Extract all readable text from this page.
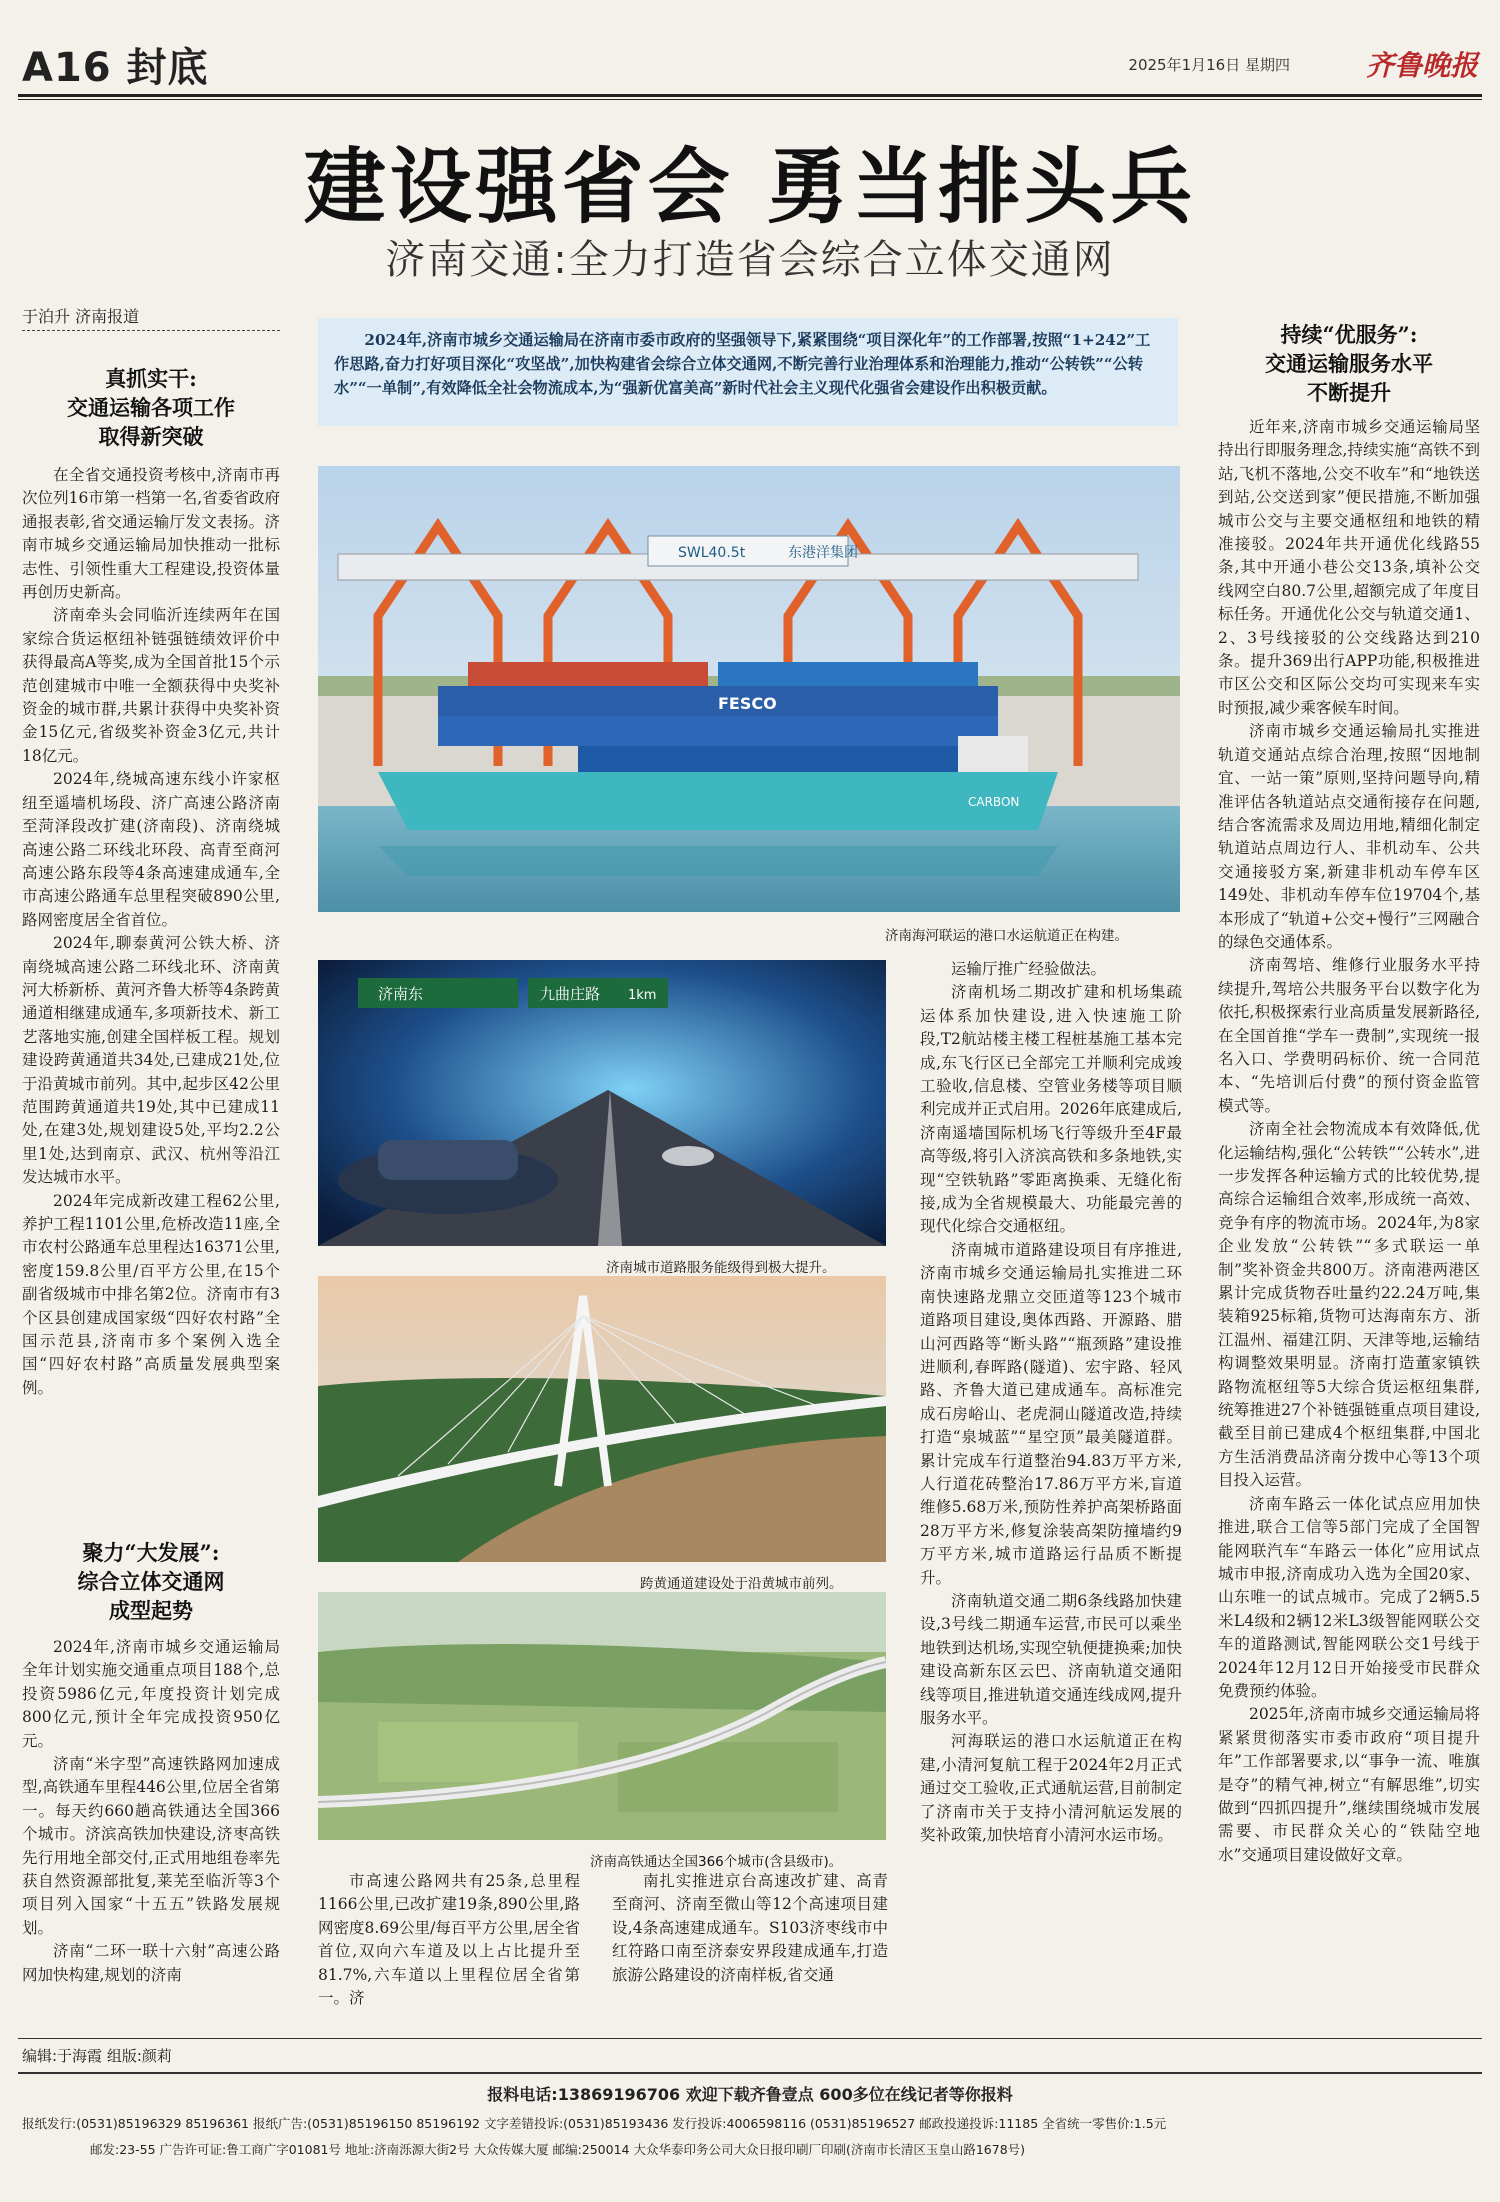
A16 封底	2025年1月16日 星期四	齐鲁晚报
建设强省会 勇当排头兵
济南交通:全力打造省会综合立体交通网
于泊升 济南报道
2024年,济南市城乡交通运输局在济南市委市政府的坚强领导下,紧紧围绕“项目深化年”的工作部署,按照“1+242”工作思路,奋力打好项目深化“攻坚战”,加快构建省会综合立体交通网,不断完善行业治理体系和治理能力,推动“公转铁”“公转水”“一单制”,有效降低全社会物流成本,为“强新优富美高”新时代社会主义现代化强省会建设作出积极贡献。
真抓实干:
交通运输各项工作
取得新突破

在全省交通投资考核中,济南市再次位列16市第一档第一名,省委省政府通报表彰,省交通运输厅发文表扬。济南市城乡交通运输局加快推动一批标志性、引领性重大工程建设,投资体量再创历史新高。

济南牵头会同临沂连续两年在国家综合货运枢纽补链强链绩效评价中获得最高A等奖,成为全国首批15个示范创建城市中唯一全额获得中央奖补资金的城市群,共累计获得中央奖补资金15亿元,省级奖补资金3亿元,共计18亿元。

2024年,绕城高速东线小许家枢纽至遥墙机场段、济广高速公路济南至菏泽段改扩建(济南段)、济南绕城高速公路二环线北环段、高青至商河高速公路东段等4条高速建成通车,全市高速公路通车总里程突破890公里,路网密度居全省首位。

2024年,聊泰黄河公铁大桥、济南绕城高速公路二环线北环、济南黄河大桥新桥、黄河齐鲁大桥等4条跨黄通道相继建成通车,多项新技术、新工艺落地实施,创建全国样板工程。规划建设跨黄通道共34处,已建成21处,位于沿黄城市前列。其中,起步区42公里范围跨黄通道共19处,其中已建成11处,在建3处,规划建设5处,平均2.2公里1处,达到南京、武汉、杭州等沿江发达城市水平。

2024年完成新改建工程62公里,养护工程1101公里,危桥改造11座,全市农村公路通车总里程达16371公里,密度159.8公里/百平方公里,在15个副省级城市中排名第2位。济南市有3个区县创建成国家级“四好农村路”全国示范县,济南市多个案例入选全国“四好农村路”高质量发展典型案例。

聚力“大发展”:
综合立体交通网
成型起势

2024年,济南市城乡交通运输局全年计划实施交通重点项目188个,总投资5986亿元,年度投资计划完成800亿元,预计全年完成投资950亿元。

济南“米字型”高速铁路网加速成型,高铁通车里程446公里,位居全省第一。每天约660趟高铁通达全国366个城市。济滨高铁加快建设,济枣高铁先行用地全部交付,正式用地组卷率先获自然资源部批复,莱芜至临沂等3个项目列入国家“十五五”铁路发展规划。

济南“二环一联十六射”高速公路网加快构建,规划的济南

市高速公路网共有25条,总里程1166公里,已改扩建19条,890公里,路网密度8.69公里/每百平方公里,居全省首位,双向六车道及以上占比提升至81.7%,六车道以上里程位居全省第一。济

南扎实推进京台高速改扩建、高青至商河、济南至微山等12个高速项目建设,4条高速建成通车。S103济枣线市中红符路口南至济泰安界段建成通车,打造旅游公路建设的济南样板,省交通

SWL40.5t	东港洋集团
FESCO
CARBON
济南海河联运的港口水运航道正在构建。
济南东	九曲庄路 1km
济南城市道路服务能级得到极大提升。
跨黄通道建设处于沿黄城市前列。
济南高铁通达全国366个城市(含县级市)。

运输厅推广经验做法。

济南机场二期改扩建和机场集疏运体系加快建设,进入快速施工阶段,T2航站楼主楼工程桩基施工基本完成,东飞行区已全部完工并顺利完成竣工验收,信息楼、空管业务楼等项目顺利完成并正式启用。2026年底建成后,济南遥墙国际机场飞行等级升至4F最高等级,将引入济滨高铁和多条地铁,实现“空铁轨路”零距离换乘、无缝化衔接,成为全省规模最大、功能最完善的现代化综合交通枢纽。

济南城市道路建设项目有序推进,济南市城乡交通运输局扎实推进二环南快速路龙鼎立交匝道等123个城市道路项目建设,奥体西路、开源路、腊山河西路等“断头路”“瓶颈路”建设推进顺利,春晖路(隧道)、宏宇路、轻风路、齐鲁大道已建成通车。高标准完成石房峪山、老虎洞山隧道改造,持续打造“泉城蓝”“星空顶”最美隧道群。累计完成车行道整治94.83万平方米,人行道花砖整治17.86万平方米,盲道维修5.68万米,预防性养护高架桥路面28万平方米,修复涂装高架防撞墙约9万平方米,城市道路运行品质不断提升。

济南轨道交通二期6条线路加快建设,3号线二期通车运营,市民可以乘坐地铁到达机场,实现空轨便捷换乘;加快建设高新东区云巴、济南轨道交通阳线等项目,推进轨道交通连线成网,提升服务水平。

河海联运的港口水运航道正在构建,小清河复航工程于2024年2月正式通过交工验收,正式通航运营,目前制定了济南市关于支持小清河航运发展的奖补政策,加快培育小清河水运市场。

持续“优服务”:
交通运输服务水平
不断提升

近年来,济南市城乡交通运输局坚持出行即服务理念,持续实施“高铁不到站,飞机不落地,公交不收车”和“地铁送到站,公交送到家”便民措施,不断加强城市公交与主要交通枢纽和地铁的精准接驳。2024年共开通优化线路55条,其中开通小巷公交13条,填补公交线网空白80.7公里,超额完成了年度目标任务。开通优化公交与轨道交通1、2、3号线接驳的公交线路达到210条。提升369出行APP功能,积极推进市区公交和区际公交均可实现来车实时预报,减少乘客候车时间。

济南市城乡交通运输局扎实推进轨道交通站点综合治理,按照“因地制宜、一站一策”原则,坚持问题导向,精准评估各轨道站点交通衔接存在问题,结合客流需求及周边用地,精细化制定轨道站点周边行人、非机动车、公共交通接驳方案,新建非机动车停车区149处、非机动车停车位19704个,基本形成了“轨道+公交+慢行”三网融合的绿色交通体系。

济南驾培、维修行业服务水平持续提升,驾培公共服务平台以数字化为依托,积极探索行业高质量发展新路径,在全国首推“学车一费制”,实现统一报名入口、学费明码标价、统一合同范本、“先培训后付费”的预付资金监管模式等。

济南全社会物流成本有效降低,优化运输结构,强化“公转铁”“公转水”,进一步发挥各种运输方式的比较优势,提高综合运输组合效率,形成统一高效、竞争有序的物流市场。2024年,为8家企业发放“公转铁”“多式联运一单制”奖补资金共800万。济南港两港区累计完成货物吞吐量约22.24万吨,集装箱925标箱,货物可达海南东方、浙江温州、福建江阴、天津等地,运输结构调整效果明显。济南打造董家镇铁路物流枢纽等5大综合货运枢纽集群,统筹推进27个补链强链重点项目建设,截至目前已建成4个枢纽集群,中国北方生活消费品济南分拨中心等13个项目投入运营。

济南车路云一体化试点应用加快推进,联合工信等5部门完成了全国智能网联汽车“车路云一体化”应用试点城市申报,济南成功入选为全国20家、山东唯一的试点城市。完成了2辆5.5米L4级和2辆12米L3级智能网联公交车的道路测试,智能网联公交1号线于2024年12月12日开始接受市民群众免费预约体验。

2025年,济南市城乡交通运输局将紧紧贯彻落实市委市政府“项目提升年”工作部署要求,以“事争一流、唯旗是夺”的精气神,树立“有解思维”,切实做到“四抓四提升”,继续围绕城市发展需要、市民群众关心的“铁陆空地水”交通项目建设做好文章。

编辑:于海霞 组版:颜莉
报料电话:13869196706 欢迎下载齐鲁壹点 600多位在线记者等你报料
报纸发行:(0531)85196329 85196361 报纸广告:(0531)85196150 85196192 文字差错投诉:(0531)85193436 发行投诉:4006598116 (0531)85196527 邮政投递投诉:11185 全省统一零售价:1.5元
邮发:23-55 广告许可证:鲁工商广字01081号 地址:济南泺源大街2号 大众传媒大厦 邮编:250014 大众华泰印务公司大众日报印刷厂印刷(济南市长清区玉皇山路1678号)
